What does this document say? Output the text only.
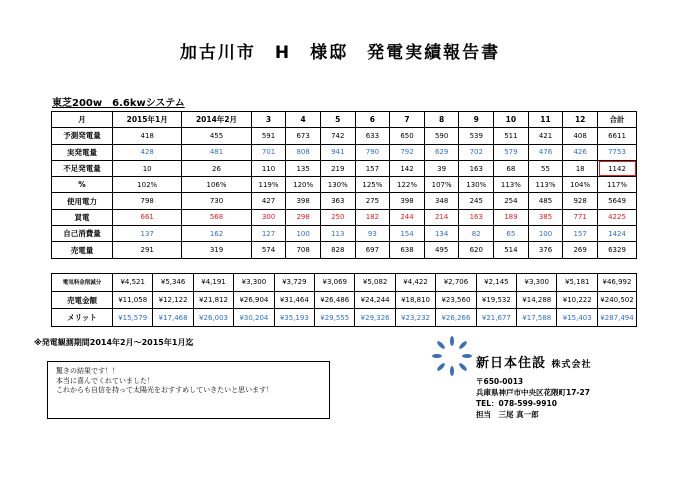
加古川市　H　様邸　発電実績報告書
東芝200w　6.6kwシステム
月	2015年1月	2014年2月	3	4	5	6	7	8	9	10	11	12	合計
予測発電量	418	455	591	673	742	633	650	590	539	511	421	408	6611
実発電量	428	481	701	808	941	790	792	629	702	579	476	426	7753
不足発電量	10	26	110	135	219	157	142	39	163	68	55	18	1142
%	102%	106%	119%	120%	130%	125%	122%	107%	130%	113%	113%	104%	117%
使用電力	798	730	427	398	363	275	398	348	245	254	485	928	5649
買電	661	568	300	298	250	182	244	214	163	189	385	771	4225
自己消費量	137	162	127	100	113	93	154	134	82	65	100	157	1424
売電量	291	319	574	708	828	697	638	495	620	514	376	269	6329
電気料金削減分	¥4,521	¥5,346	¥4,191	¥3,300	¥3,729	¥3,069	¥5,082	¥4,422	¥2,706	¥2,145	¥3,300	¥5,181	¥46,992
売電金額	¥11,058	¥12,122	¥21,812	¥26,904	¥31,464	¥26,486	¥24,244	¥18,810	¥23,560	¥19,532	¥14,288	¥10,222	¥240,502
メリット	¥15,579	¥17,468	¥26,003	¥30,204	¥35,193	¥29,555	¥29,326	¥23,232	¥26,266	¥21,677	¥17,588	¥15,403	¥287,494
※発電観測期間2014年2月～2015年1月迄
驚きの結果です！！
本当に喜んでくれていました！
これからも自信を持って太陽光をおすすめしていきたいと思います！
新日本住設 株式会社
〒650-0013
兵庫県神戸市中央区花隈町17-27
TEL：078-599-9910
担当　三尾 真一郎
